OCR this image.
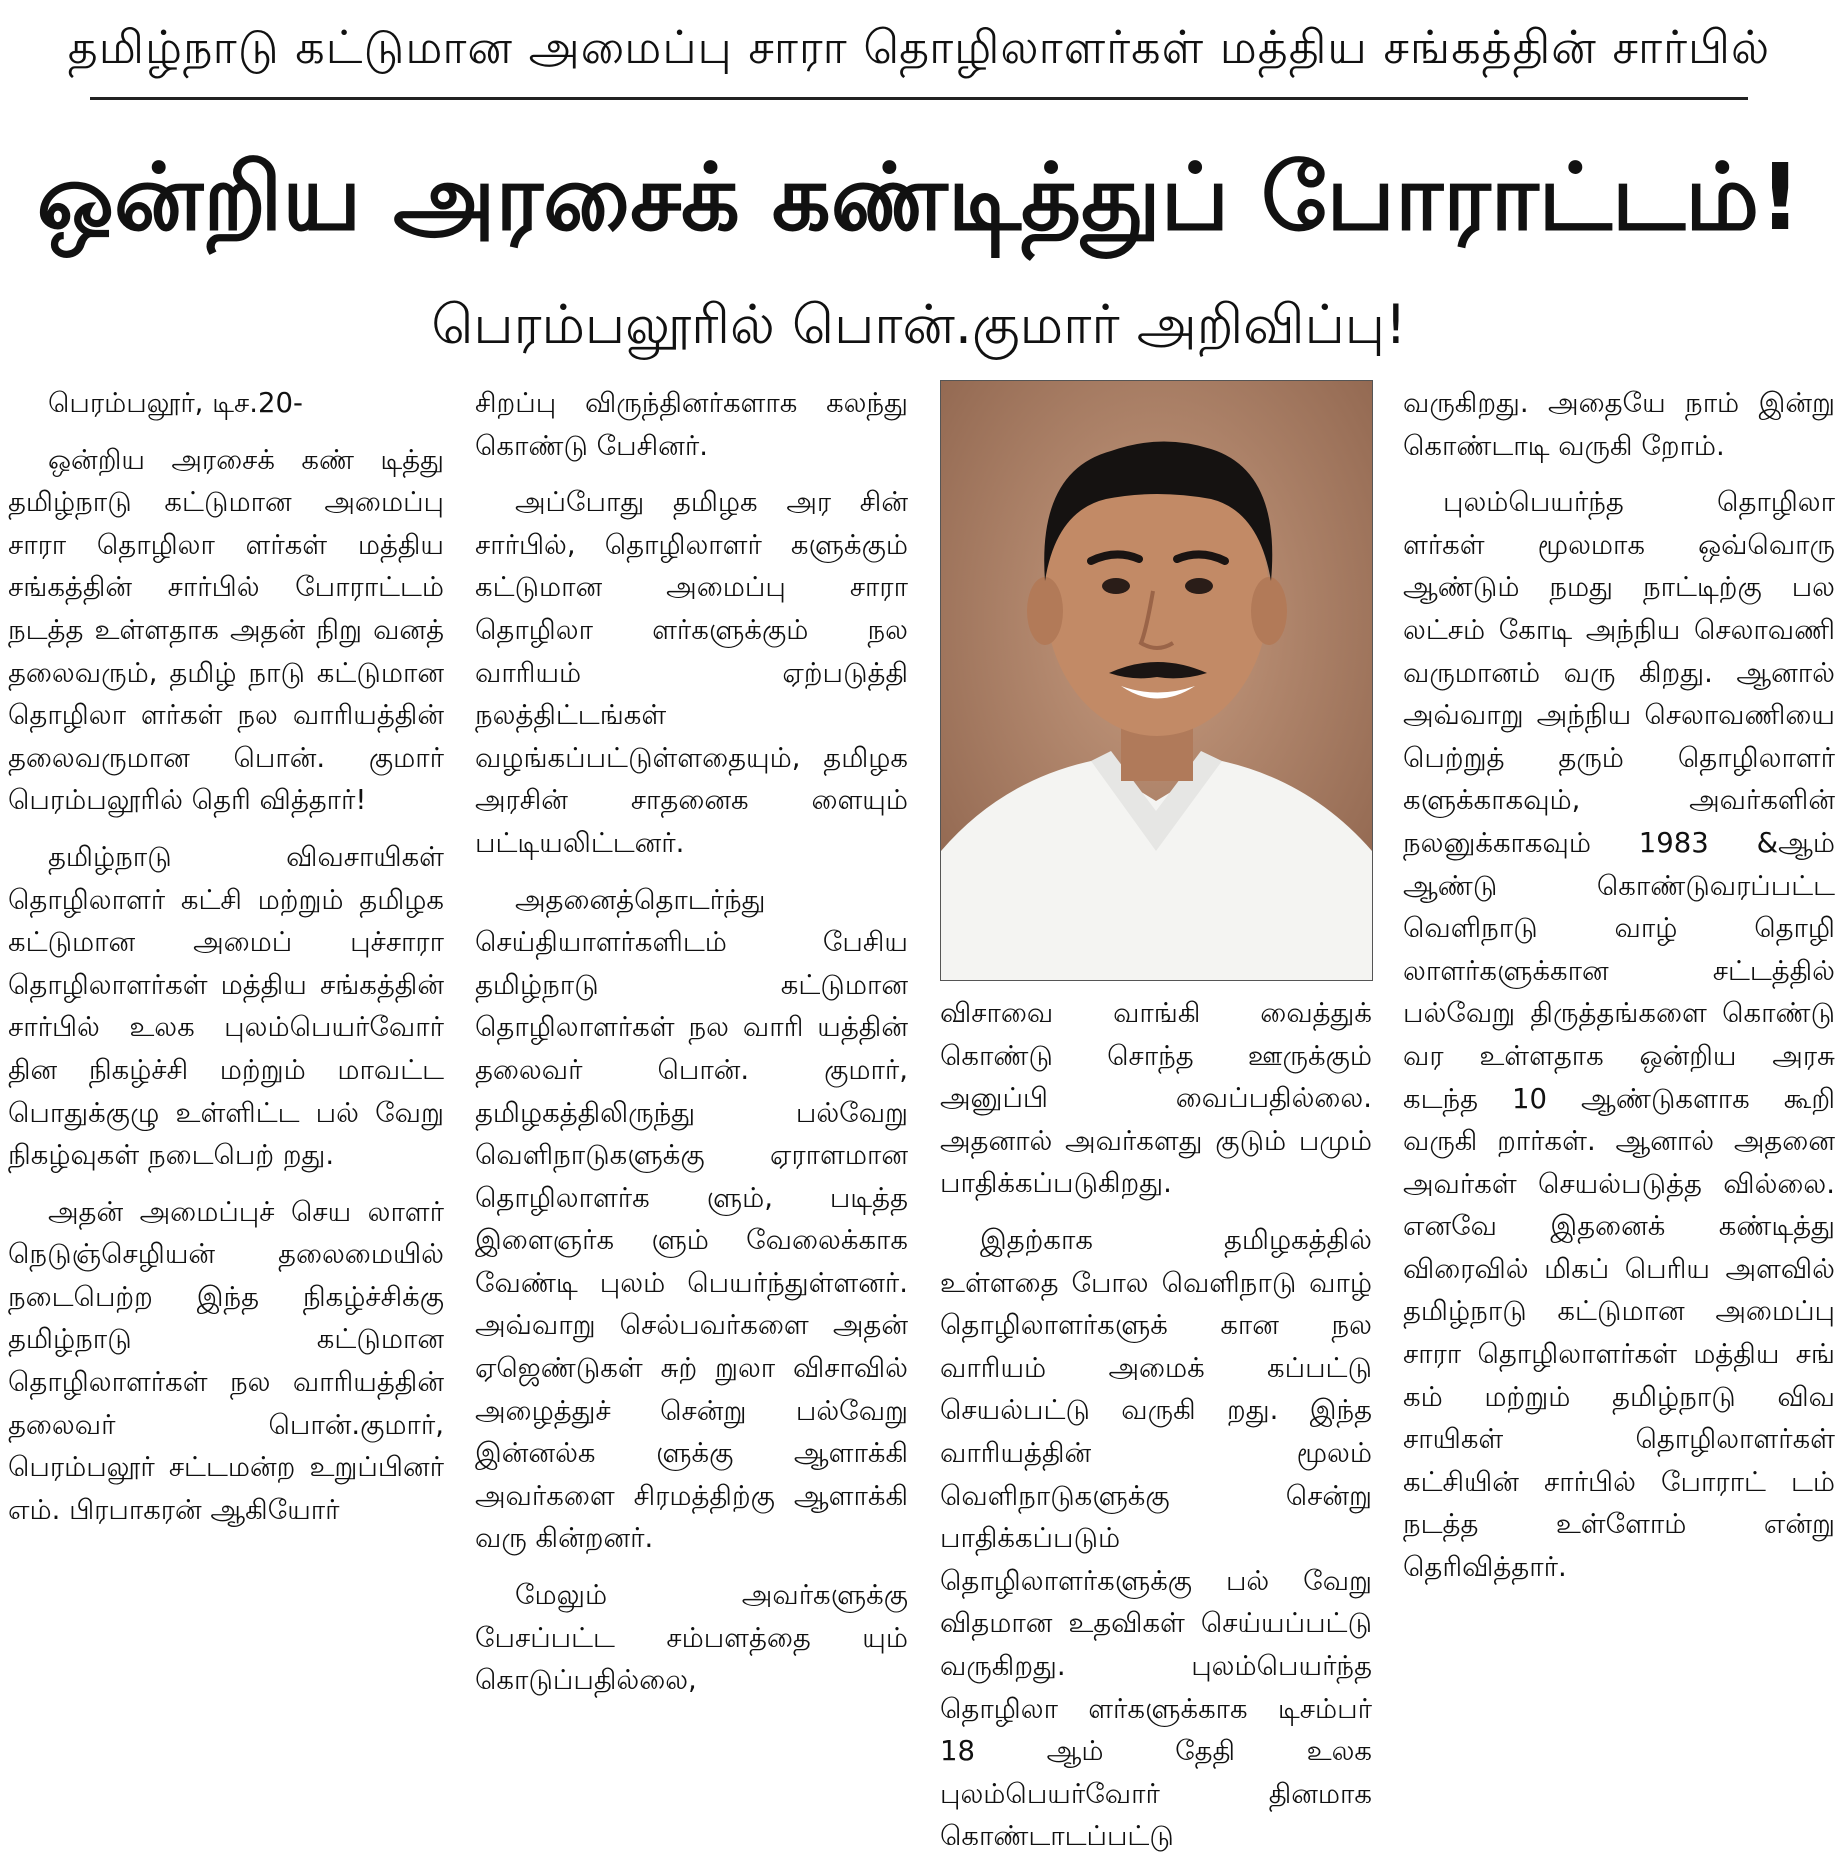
தமிழ்நாடு கட்டுமான அமைப்பு சாரா தொழிலாளர்கள் மத்திய சங்கத்தின் சார்பில்
ஒன்றிய அரசைக் கண்டித்துப் போராட்டம்!
பெரம்பலூரில் பொன்.குமார் அறிவிப்பு!

பெரம்பலூர், டிச.20-

ஒன்றிய அரசைக் கண் டித்து தமிழ்நாடு கட்டுமான அமைப்பு சாரா தொழிலா ளர்கள் மத்திய சங்கத்தின் சார்பில் போராட்டம் நடத்த உள்ளதாக அதன் நிறு வனத் தலைவரும், தமிழ் நாடு கட்டுமான தொழிலா ளர்கள் நல வாரியத்தின் தலைவருமான பொன். குமார் பெரம்பலூரில் தெரி வித்தார்!

தமிழ்நாடு விவசாயிகள் தொழிலாளர் கட்சி மற்றும் தமிழக கட்டுமான அமைப் புச்சாரா தொழிலாளர்கள் மத்திய சங்கத்தின் சார்பில் உலக புலம்பெயர்வோர் தின நிகழ்ச்சி மற்றும் மாவட்ட பொதுக்குழு உள்ளிட்ட பல் வேறு நிகழ்வுகள் நடைபெற் றது.

அதன் அமைப்புச் செய லாளர் நெடுஞ்செழியன் தலைமையில் நடைபெற்ற இந்த நிகழ்ச்சிக்கு தமிழ்நாடு கட்டுமான தொழிலாளர்கள் நல வாரியத்தின் தலைவர் பொன்.குமார், பெரம்பலூர் சட்டமன்ற உறுப்பினர் எம். பிரபாகரன் ஆகியோர்

சிறப்பு விருந்தினர்களாக கலந்து கொண்டு பேசினர்.

அப்போது தமிழக அர சின் சார்பில், தொழிலாளர் களுக்கும் கட்டுமான அமைப்பு சாரா தொழிலா ளர்களுக்கும் நல வாரியம் ஏற்படுத்தி நலத்திட்டங்கள் வழங்கப்பட்டுள்ளதையும், தமிழக அரசின் சாதனைக ளையும் பட்டியலிட்டனர்.

அதனைத்தொடர்ந்து செய்தியாளர்களிடம் பேசிய தமிழ்நாடு கட்டுமான தொழிலாளர்கள் நல வாரி யத்தின் தலைவர் பொன். குமார், தமிழகத்திலிருந்து பல்வேறு வெளிநாடுகளுக்கு ஏராளமான தொழிலாளர்க ளும், படித்த இளைஞர்க ளும் வேலைக்காக வேண்டி புலம் பெயர்ந்துள்ளனர். அவ்வாறு செல்பவர்களை அதன் ஏஜெண்டுகள் சுற் றுலா விசாவில் அழைத்துச் சென்று பல்வேறு இன்னல்க ளுக்கு ஆளாக்கி அவர்களை சிரமத்திற்கு ஆளாக்கி வரு கின்றனர்.

மேலும் அவர்களுக்கு பேசப்பட்ட சம்பளத்தை யும் கொடுப்பதில்லை,

விசாவை வாங்கி வைத்துக் கொண்டு சொந்த ஊருக்கும் அனுப்பி வைப்பதில்லை. அதனால் அவர்களது குடும் பமும் பாதிக்கப்படுகிறது.

இதற்காக தமிழகத்தில் உள்ளதை போல வெளிநாடு வாழ் தொழிலாளர்களுக் கான நல வாரியம் அமைக் கப்பட்டு செயல்பட்டு வருகி றது. இந்த வாரியத்தின் மூலம் வெளிநாடுகளுக்கு சென்று பாதிக்கப்படும் தொழிலாளர்களுக்கு பல் வேறு விதமான உதவிகள் செய்யப்பட்டு வருகிறது. புலம்பெயர்ந்த தொழிலா ளர்களுக்காக டிசம்பர் 18 ஆம் தேதி உலக புலம்பெயர்வோர் தினமாக கொண்டாடப்பட்டு

வருகிறது. அதையே நாம் இன்று கொண்டாடி வருகி றோம்.

புலம்பெயர்ந்த தொழிலா ளர்கள் மூலமாக ஒவ்வொரு ஆண்டும் நமது நாட்டிற்கு பல லட்சம் கோடி அந்நிய செலாவணி வருமானம் வரு கிறது. ஆனால் அவ்வாறு அந்நிய செலாவணியை பெற்றுத் தரும் தொழிலாளர் களுக்காகவும், அவர்களின் நலனுக்காகவும் 1983 &ஆம் ஆண்டு கொண்டுவரப்பட்ட வெளிநாடு வாழ் தொழி லாளர்களுக்கான சட்டத்தில் பல்வேறு திருத்தங்களை கொண்டு வர உள்ளதாக ஒன்றிய அரசு கடந்த 10 ஆண்டுகளாக கூறி வருகி றார்கள். ஆனால் அதனை அவர்கள் செயல்படுத்த வில்லை. எனவே இதனைக் கண்டித்து விரைவில் மிகப் பெரிய அளவில் தமிழ்நாடு கட்டுமான அமைப்பு சாரா தொழிலாளர்கள் மத்திய சங் கம் மற்றும் தமிழ்நாடு விவ சாயிகள் தொழிலாளர்கள் கட்சியின் சார்பில் போராட் டம் நடத்த உள்ளோம் என்று தெரிவித்தார்.
